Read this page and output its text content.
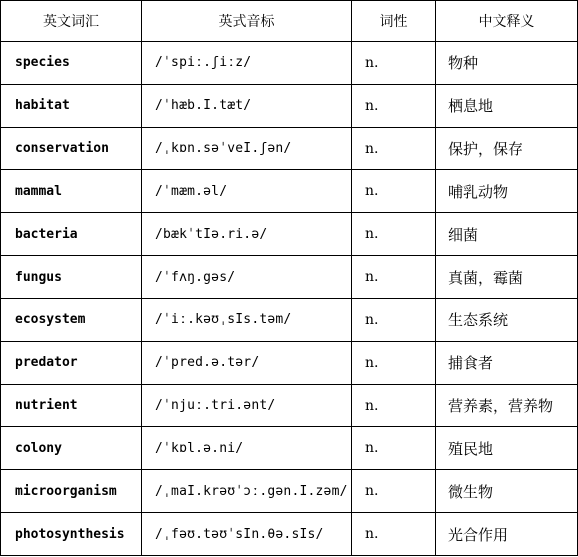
英文词汇	英式音标	词性	中文释义
species	/ˈspiː.ʃiːz/	n.	物种
habitat	/ˈhæb.I.tæt/	n.	栖息地
conservation	/ˌkɒn.səˈveI.ʃən/	n.	保护，保存
mammal	/ˈmæm.əl/	n.	哺乳动物
bacteria	/bækˈtIə.ri.ə/	n.	细菌
fungus	/ˈfʌŋ.gəs/	n.	真菌，霉菌
ecosystem	/ˈiː.kəʊˌsIs.təm/	n.	生态系统
predator	/ˈpred.ə.tər/	n.	捕食者
nutrient	/ˈnjuː.tri.ənt/	n.	营养素，营养物
colony	/ˈkɒl.ə.ni/	n.	殖民地
microorganism	/ˌmaI.krəʊˈɔː.gən.I.zəm/	n.	微生物
photosynthesis	/ˌfəʊ.təʊˈsIn.θə.sIs/	n.	光合作用
